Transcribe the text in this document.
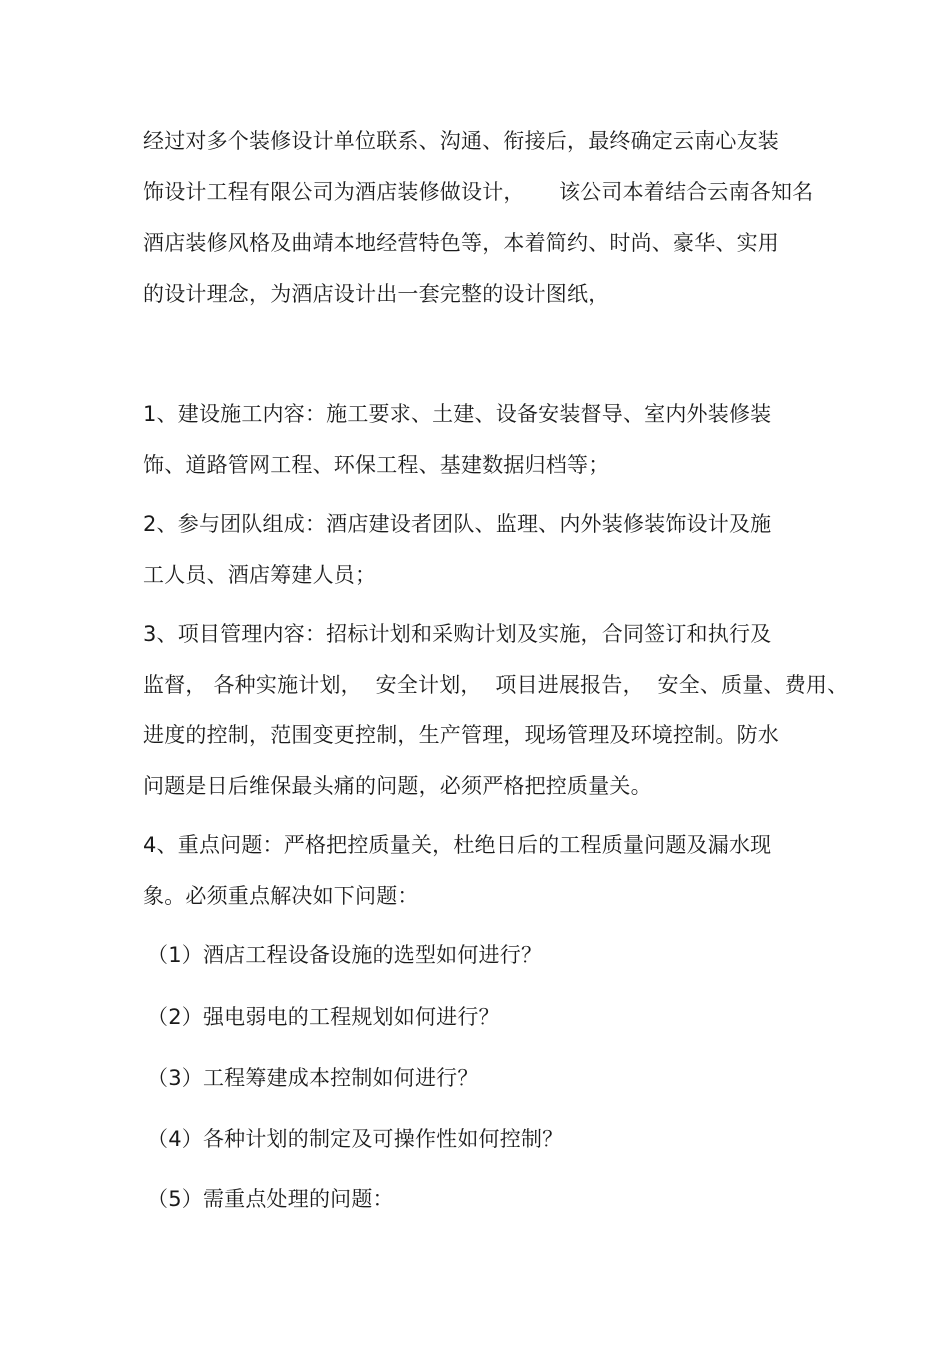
经过对多个装修设计单位联系、沟通、衔接后，最终确定云南心友装
饰设计工程有限公司为酒店装修做设计，     该公司本着结合云南各知名
酒店装修风格及曲靖本地经营特色等，本着简约、时尚、豪华、实用
的设计理念，为酒店设计出一套完整的设计图纸，
1、建设施工内容：施工要求、土建、设备安装督导、室内外装修装
饰、道路管网工程、环保工程、基建数据归档等；
2、参与团队组成：酒店建设者团队、监理、内外装修装饰设计及施
工人员、酒店筹建人员；
3、项目管理内容：招标计划和采购计划及实施，合同签订和执行及
监督， 各种实施计划，  安全计划，  项目进展报告，  安全、质量、费用、
进度的控制，范围变更控制，生产管理，现场管理及环境控制。防水
问题是日后维保最头痛的问题，必须严格把控质量关。
4、重点问题：严格把控质量关，杜绝日后的工程质量问题及漏水现
象。必须重点解决如下问题：
（1）酒店工程设备设施的选型如何进行？
（2）强电弱电的工程规划如何进行？
（3）工程筹建成本控制如何进行？
（4）各种计划的制定及可操作性如何控制？
（5）需重点处理的问题：
